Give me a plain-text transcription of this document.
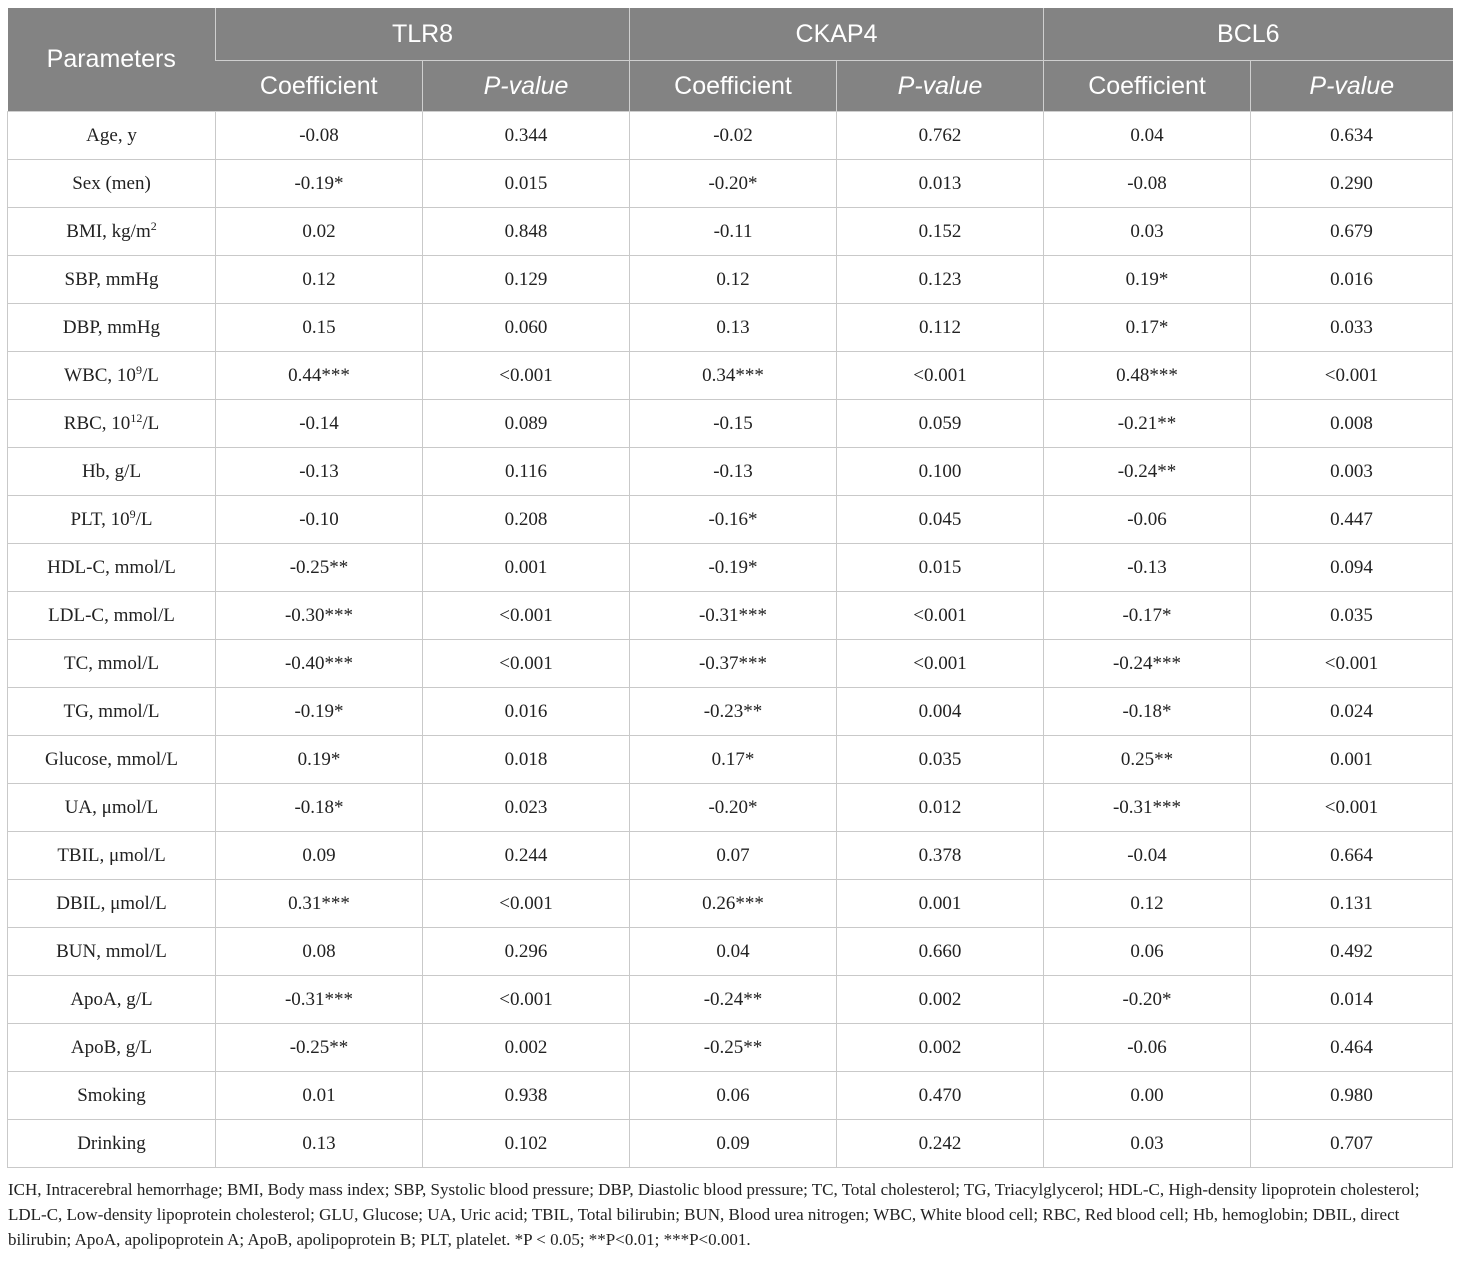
Parameters	TLR8		CKAP4		BCL6	
	Coefficient	P-value	Coefficient	P-value	Coefficient	P-value
Age, y	-0.08	0.344	-0.02	0.762	0.04	0.634
Sex (men)	-0.19*	0.015	-0.20*	0.013	-0.08	0.290
BMI, $kg/m^2$	0.02	0.848	-0.11	0.152	0.03	0.679
SBP, mmHg	0.12	0.129	0.12	0.123	0.19*	0.016
DBP, mmHg	0.15	0.060	0.13	0.112	0.17*	0.033
WBC, $10^9/L$	0.44***	<0.001	0.34***	<0.001	0.48***	<0.001
RBC, $10^{12}/L$	-0.14	0.089	-0.15	0.059	-0.21**	0.008
Hb, g/L	-0.13	0.116	-0.13	0.100	-0.24**	0.003
PLT, $10^9/L$	-0.10	0.208	-0.16*	0.045	-0.06	0.447
HDL-C, mmol/L	-0.25**	0.001	-0.19*	0.015	-0.13	0.094
LDL-C, mmol/L	-0.30***	<0.001	-0.31***	<0.001	-0.17*	0.035
TC, mmol/L	-0.40***	<0.001	-0.37***	<0.001	-0.24***	<0.001
TG, mmol/L	-0.19*	0.016	-0.23**	0.004	-0.18*	0.024
Glucose, mmol/L	0.19*	0.018	0.17*	0.035	0.25**	0.001
UA, μmol/L	-0.18*	0.023	-0.20*	0.012	-0.31***	<0.001
TBIL, μmol/L	0.09	0.244	0.07	0.378	-0.04	0.664
DBIL, μmol/L	0.31***	<0.001	0.26***	0.001	0.12	0.131
BUN, mmol/L	0.08	0.296	0.04	0.660	0.06	0.492
ApoA, g/L	-0.31***	<0.001	-0.24**	0.002	-0.20*	0.014
ApoB, g/L	-0.25**	0.002	-0.25**	0.002	-0.06	0.464
Smoking	0.01	0.938	0.06	0.470	0.00	0.980
Drinking	0.13	0.102	0.09	0.242	0.03	0.707
ICH, Intracerebral hemorrhage; BMI, Body mass index; SBP, Systolic blood pressure; DBP, Diastolic blood pressure; TC, Total cholesterol; TG, Triacylglycerol; HDL-C, High-density lipoprotein cholesterol; LDL-C, Low-density lipoprotein cholesterol; GLU, Glucose; UA, Uric acid; TBIL, Total bilirubin; BUN, Blood urea nitrogen; WBC, White blood cell; RBC, Red blood cell; Hb, hemoglobin; DBIL, direct bilirubin; ApoA, apolipoprotein A; ApoB, apolipoprotein B; PLT, platelet. *P < 0.05; **P<0.01; ***P<0.001.
